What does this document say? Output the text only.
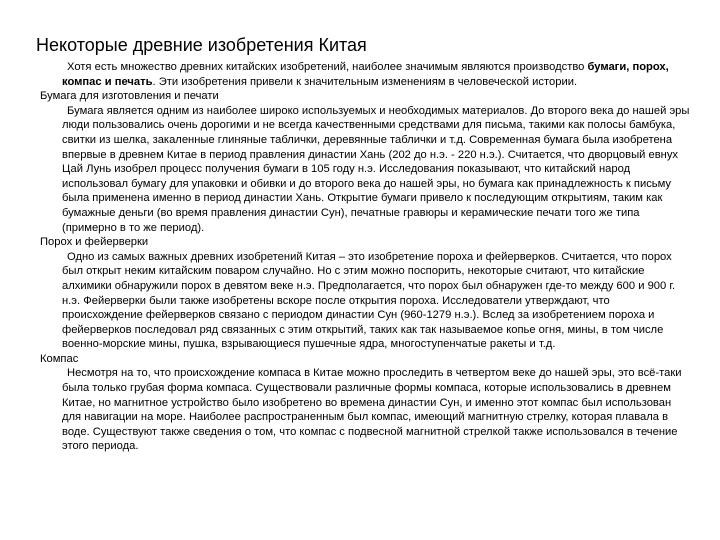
Некоторые древние изобретения Китая

Хотя есть множество древних китайских изобретений, наиболее значимым являются производство бумаги, порох, компас и печать. Эти изобретения привели к значительным изменениям в человеческой истории.

Бумага для изготовления и печати

Бумага является одним из наиболее широко используемых и необходимых материалов. До второго века до нашей эры люди пользовались очень дорогими и не всегда качественными средствами для письма, такими как полосы бамбука, свитки из шелка, закаленные глиняные таблички, деревянные таблички и т.д. Современная бумага была изобретена впервые в древнем Китае в период правления династии Хань (202 до н.э. - 220 н.э.). Считается, что дворцовый евнух Цай Лунь изобрел процесс получения бумаги в 105 году н.э. Исследования показывают, что китайский народ использовал бумагу для упаковки и обивки и до второго века до нашей эры, но бумага как принадлежность к письму была применена именно в период династии Хань. Открытие бумаги привело к последующим открытиям, таким как бумажные деньги (во время правления династии Сун), печатные гравюры и керамические печати того же типа (примерно в то же период).

Порох и фейерверки

Одно из самых важных древних изобретений Китая – это изобретение пороха и фейерверков. Считается, что порох был открыт неким китайским поваром случайно. Но с этим можно поспорить, некоторые считают, что китайские алхимики обнаружили порох в девятом веке н.э. Предполагается, что порох был обнаружен где-то между 600 и 900 г. н.э. Фейерверки были также изобретены вскоре после открытия пороха. Исследователи утверждают, что происхождение фейерверков связано с периодом династии Сун (960-1279 н.э.). Вслед за изобретением пороха и фейерверков последовал ряд связанных с этим открытий, таких как так называемое копье огня, мины, в том числе военно-морские мины, пушка, взрывающиеся пушечные ядра, многоступенчатые ракеты и т.д.

Компас

Несмотря на то, что происхождение компаса в Китае можно проследить в четвертом веке до нашей эры, это всё-таки была только грубая форма компаса. Существовали различные формы компаса, которые использовались в древнем Китае, но магнитное устройство было изобретено во времена династии Сун, и именно этот компас был использован для навигации на море. Наиболее распространенным был компас, имеющий магнитную стрелку, которая плавала в воде. Существуют также сведения о том, что компас с подвесной магнитной стрелкой также использовался в течение этого периода.
